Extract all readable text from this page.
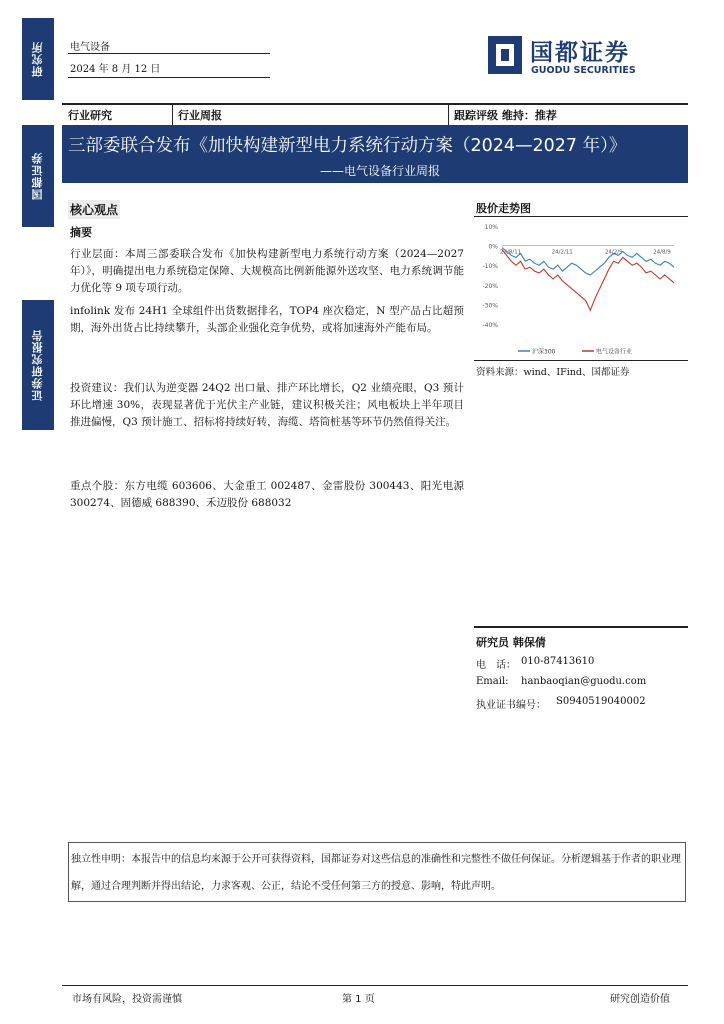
研究所
国都证券
证券研究报告
电气设备
2024 年 8 月 12 日
国都证券
GUODU SECURITIES
行业研究	行业周报	跟踪评级 维持：推荐
三部委联合发布《加快构建新型电力系统行动方案（2024—2027 年）》
——电气设备行业周报
核心观点
摘要
行业层面：本周三部委联合发布《加快构建新型电力系统行动方案（2024—2027 年）》，明确提出电力系统稳定保障、大规模高比例新能源外送攻坚、电力系统调节能力优化等 9 项专项行动。
infolink 发布 24H1 全球组件出货数据排名，TOP4 座次稳定，N 型产品占比超预期，海外出货占比持续攀升，头部企业强化竞争优势，或将加速海外产能布局。
投资建议：我们认为逆变器 24Q2 出口量、排产环比增长，Q2 业绩亮眼，Q3 预计环比增速 30%，表现显著优于光伏主产业链，建议积极关注；风电板块上半年项目推进偏慢，Q3 预计施工、招标将持续好转，海缆、塔筒桩基等环节仍然值得关注。
重点个股：东方电缆 603606、大金重工 002487、金雷股份 300443、阳光电源 300274、固德威 688390、禾迈股份 688032
股价走势图
10%
0%
-10%
-20%
-30%
-40%
23/8/11	24/2/11	24/2/9	24/8/9
沪深300	电气设备行业
资料来源：wind、IFind、国都证券
研究员 韩保倩
电　话： 010-87413610
Email: hanbaoqian@guodu.com
执业证书编号： S0940519040002
独立性申明：本报告中的信息均来源于公开可获得资料，国都证券对这些信息的准确性和完整性不做任何保证。分析逻辑基于作者的职业理解，通过合理判断并得出结论，力求客观、公正，结论不受任何第三方的授意、影响，特此声明。
市场有风险，投资需谨慎	第 1 页	研究创造价值
